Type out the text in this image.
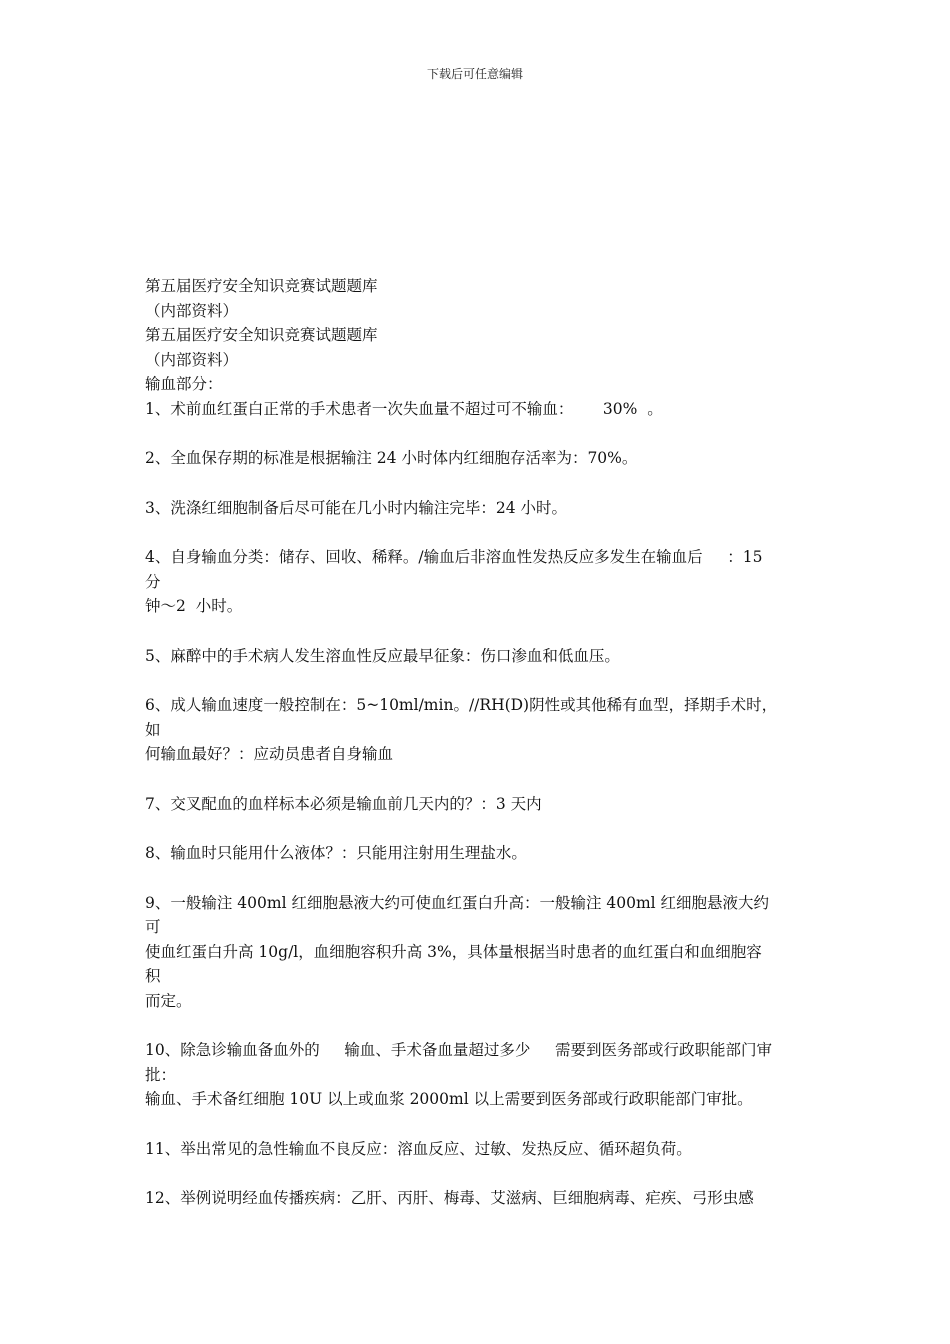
下载后可任意编辑
第五届医疗安全知识竞赛试题题库
（内部资料）
第五届医疗安全知识竞赛试题题库
（内部资料）
输血部分：
1、术前血红蛋白正常的手术患者一次失血量不超过可不输血：      30%  。
2、全血保存期的标准是根据输注 24 小时体内红细胞存活率为：70%。
3、洗涤红细胞制备后尽可能在几小时内输注完毕：24 小时。
4、自身输血分类：储存、回收、稀释。/输血后非溶血性发热反应多发生在输血后     ：15
分
钟～2  小时。
5、麻醉中的手术病人发生溶血性反应最早征象：伤口渗血和低血压。
6、成人输血速度一般控制在：5~10ml/min。//RH(D)阴性或其他稀有血型，择期手术时，
如
何输血最好？：应动员患者自身输血
7、交叉配血的血样标本必须是输血前几天内的？：3 天内
8、输血时只能用什么液体？：只能用注射用生理盐水。
9、一般输注 400ml 红细胞悬液大约可使血红蛋白升高：一般输注 400ml 红细胞悬液大约
可
使血红蛋白升高 10g/l，血细胞容积升高 3%，具体量根据当时患者的血红蛋白和血细胞容
积
而定。
10、除急诊输血备血外的     输血、手术备血量超过多少     需要到医务部或行政职能部门审
批：
输血、手术备红细胞 10U 以上或血浆 2000ml 以上需要到医务部或行政职能部门审批。
11、举出常见的急性输血不良反应：溶血反应、过敏、发热反应、循环超负荷。
12、举例说明经血传播疾病：乙肝、丙肝、梅毒、艾滋病、巨细胞病毒、疟疾、弓形虫感
